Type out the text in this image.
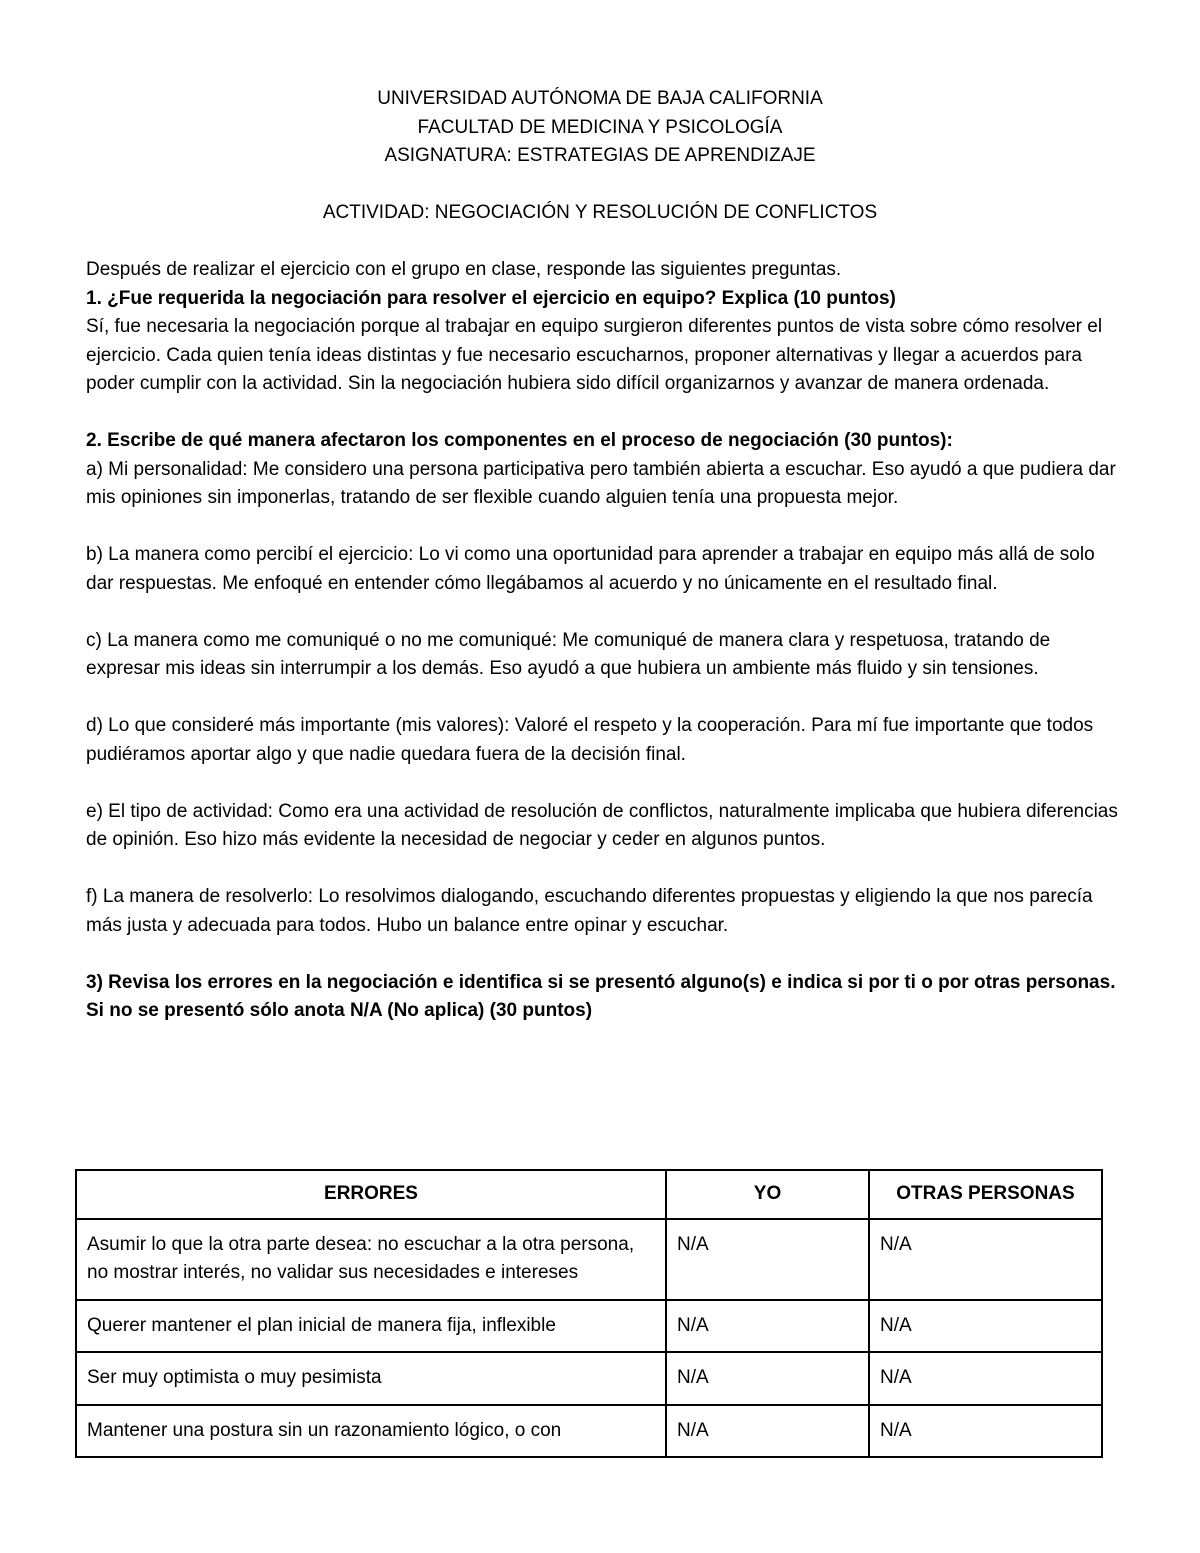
UNIVERSIDAD AUTÓNOMA DE BAJA CALIFORNIA
FACULTAD DE MEDICINA Y PSICOLOGÍA
ASIGNATURA: ESTRATEGIAS DE APRENDIZAJE
ACTIVIDAD: NEGOCIACIÓN Y RESOLUCIÓN DE CONFLICTOS

Después de realizar el ejercicio con el grupo en clase, responde las siguientes preguntas.

1. ¿Fue requerida la negociación para resolver el ejercicio en equipo? Explica (10 puntos)

Sí, fue necesaria la negociación porque al trabajar en equipo surgieron diferentes puntos de vista sobre cómo resolver el ejercicio. Cada quien tenía ideas distintas y fue necesario escucharnos, proponer alternativas y llegar a acuerdos para poder cumplir con la actividad. Sin la negociación hubiera sido difícil organizarnos y avanzar de manera ordenada.

2. Escribe de qué manera afectaron los componentes en el proceso de negociación (30 puntos):

a) Mi personalidad: Me considero una persona participativa pero también abierta a escuchar. Eso ayudó a que pudiera dar mis opiniones sin imponerlas, tratando de ser flexible cuando alguien tenía una propuesta mejor.

b) La manera como percibí el ejercicio: Lo vi como una oportunidad para aprender a trabajar en equipo más allá de solo dar respuestas. Me enfoqué en entender cómo llegábamos al acuerdo y no únicamente en el resultado final.

c) La manera como me comuniqué o no me comuniqué: Me comuniqué de manera clara y respetuosa, tratando de expresar mis ideas sin interrumpir a los demás. Eso ayudó a que hubiera un ambiente más fluido y sin tensiones.

d) Lo que consideré más importante (mis valores): Valoré el respeto y la cooperación. Para mí fue importante que todos pudiéramos aportar algo y que nadie quedara fuera de la decisión final.

e) El tipo de actividad: Como era una actividad de resolución de conflictos, naturalmente implicaba que hubiera diferencias de opinión. Eso hizo más evidente la necesidad de negociar y ceder en algunos puntos.

f) La manera de resolverlo: Lo resolvimos dialogando, escuchando diferentes propuestas y eligiendo la que nos parecía más justa y adecuada para todos. Hubo un balance entre opinar y escuchar.

3) Revisa los errores en la negociación e identifica si se presentó alguno(s) e indica si por ti o por otras personas. Si no se presentó sólo anota N/A (No aplica) (30 puntos)

ERRORES	YO	OTRAS PERSONAS
Asumir lo que la otra parte desea: no escuchar a la otra persona, no mostrar interés, no validar sus necesidades e intereses	N/A	N/A
Querer mantener el plan inicial de manera fija, inflexible	N/A	N/A
Ser muy optimista o muy pesimista	N/A	N/A
Mantener una postura sin un razonamiento lógico, o con	N/A	N/A
